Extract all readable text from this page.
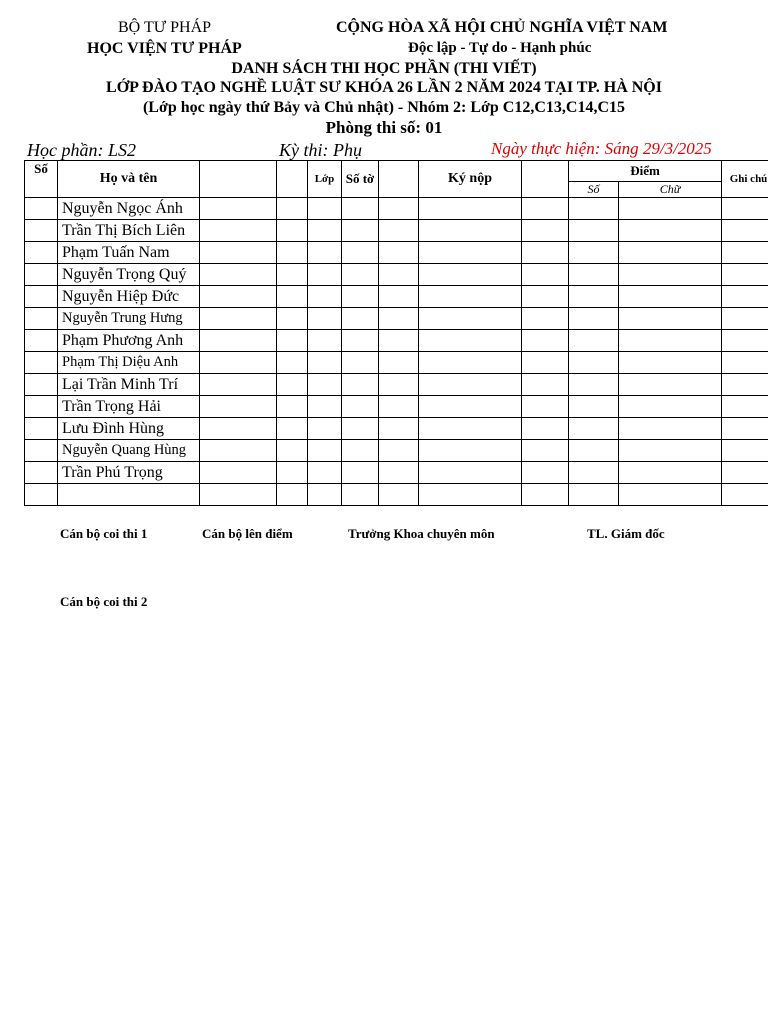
BỘ TƯ PHÁP
HỌC VIỆN TƯ PHÁP
CỘNG HÒA XÃ HỘI CHỦ NGHĨA VIỆT NAM
Độc lập - Tự do - Hạnh phúc
DANH SÁCH THI HỌC PHẦN (THI VIẾT)
LỚP ĐÀO TẠO NGHỀ LUẬT SƯ KHÓA 26 LẦN 2 NĂM 2024 TẠI TP. HÀ NỘI
(Lớp học ngày thứ Bảy và Chủ nhật) - Nhóm 2: Lớp C12,C13,C14,C15
Phòng thi số: 01
Học phần: LS2	Kỳ thi: Phụ	Ngày thực hiện: Sáng 29/3/2025
Số	Họ và tên			Lớp	Số tờ		Ký nộp		Điểm		Ghi chú
									Số	Chữ	
	Nguyễn Ngọc Ánh										
	Trần Thị Bích Liên										
	Phạm Tuấn Nam										
	Nguyễn Trọng Quý										
	Nguyễn Hiệp Đức										
	Nguyễn Trung Hưng										
	Phạm Phương Anh										
	Phạm Thị Diệu Anh										
	Lại Trần Minh Trí										
	Trần Trọng Hải										
	Lưu Đình Hùng										
	Nguyễn Quang Hùng										
	Trần Phú Trọng										

Cán bộ coi thi 1	Cán bộ lên điểm	Trưởng Khoa chuyên môn	TL. Giám đốc
Cán bộ coi thi 2
